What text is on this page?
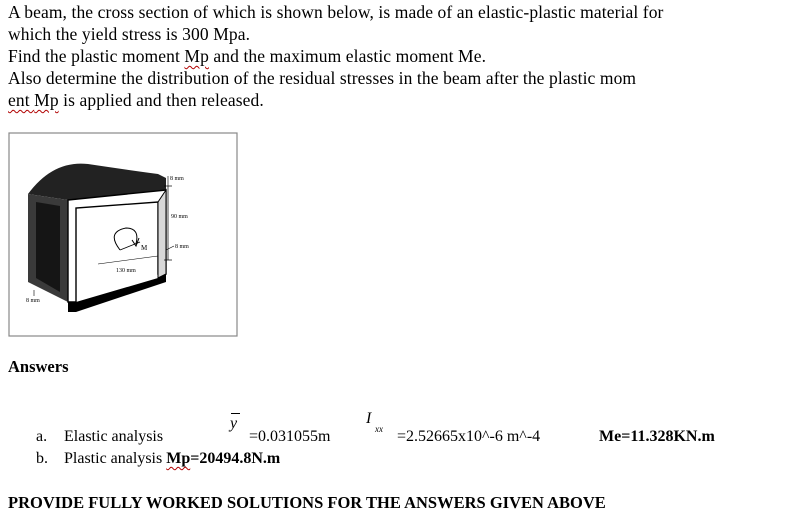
A beam, the cross section of which is shown below, is made of an elastic-plastic material for
which the yield stress is 300 Mpa.
Find the plastic moment Mp and the maximum elastic moment Me.
Also determine the distribution of the residual stresses in the beam after the plastic mom
ent Mp is applied and then released.
M
8 mm
90 mm
8 mm
130 mm
8 mm
Answers
a. Elastic analysis
y
=0.031055m
I
xx =2.52665x10^-6 m^-4	Me=11.328KN.m
b. Plastic analysis Mp=20494.8N.m
PROVIDE FULLY WORKED SOLUTIONS FOR THE ANSWERS GIVEN ABOVE
